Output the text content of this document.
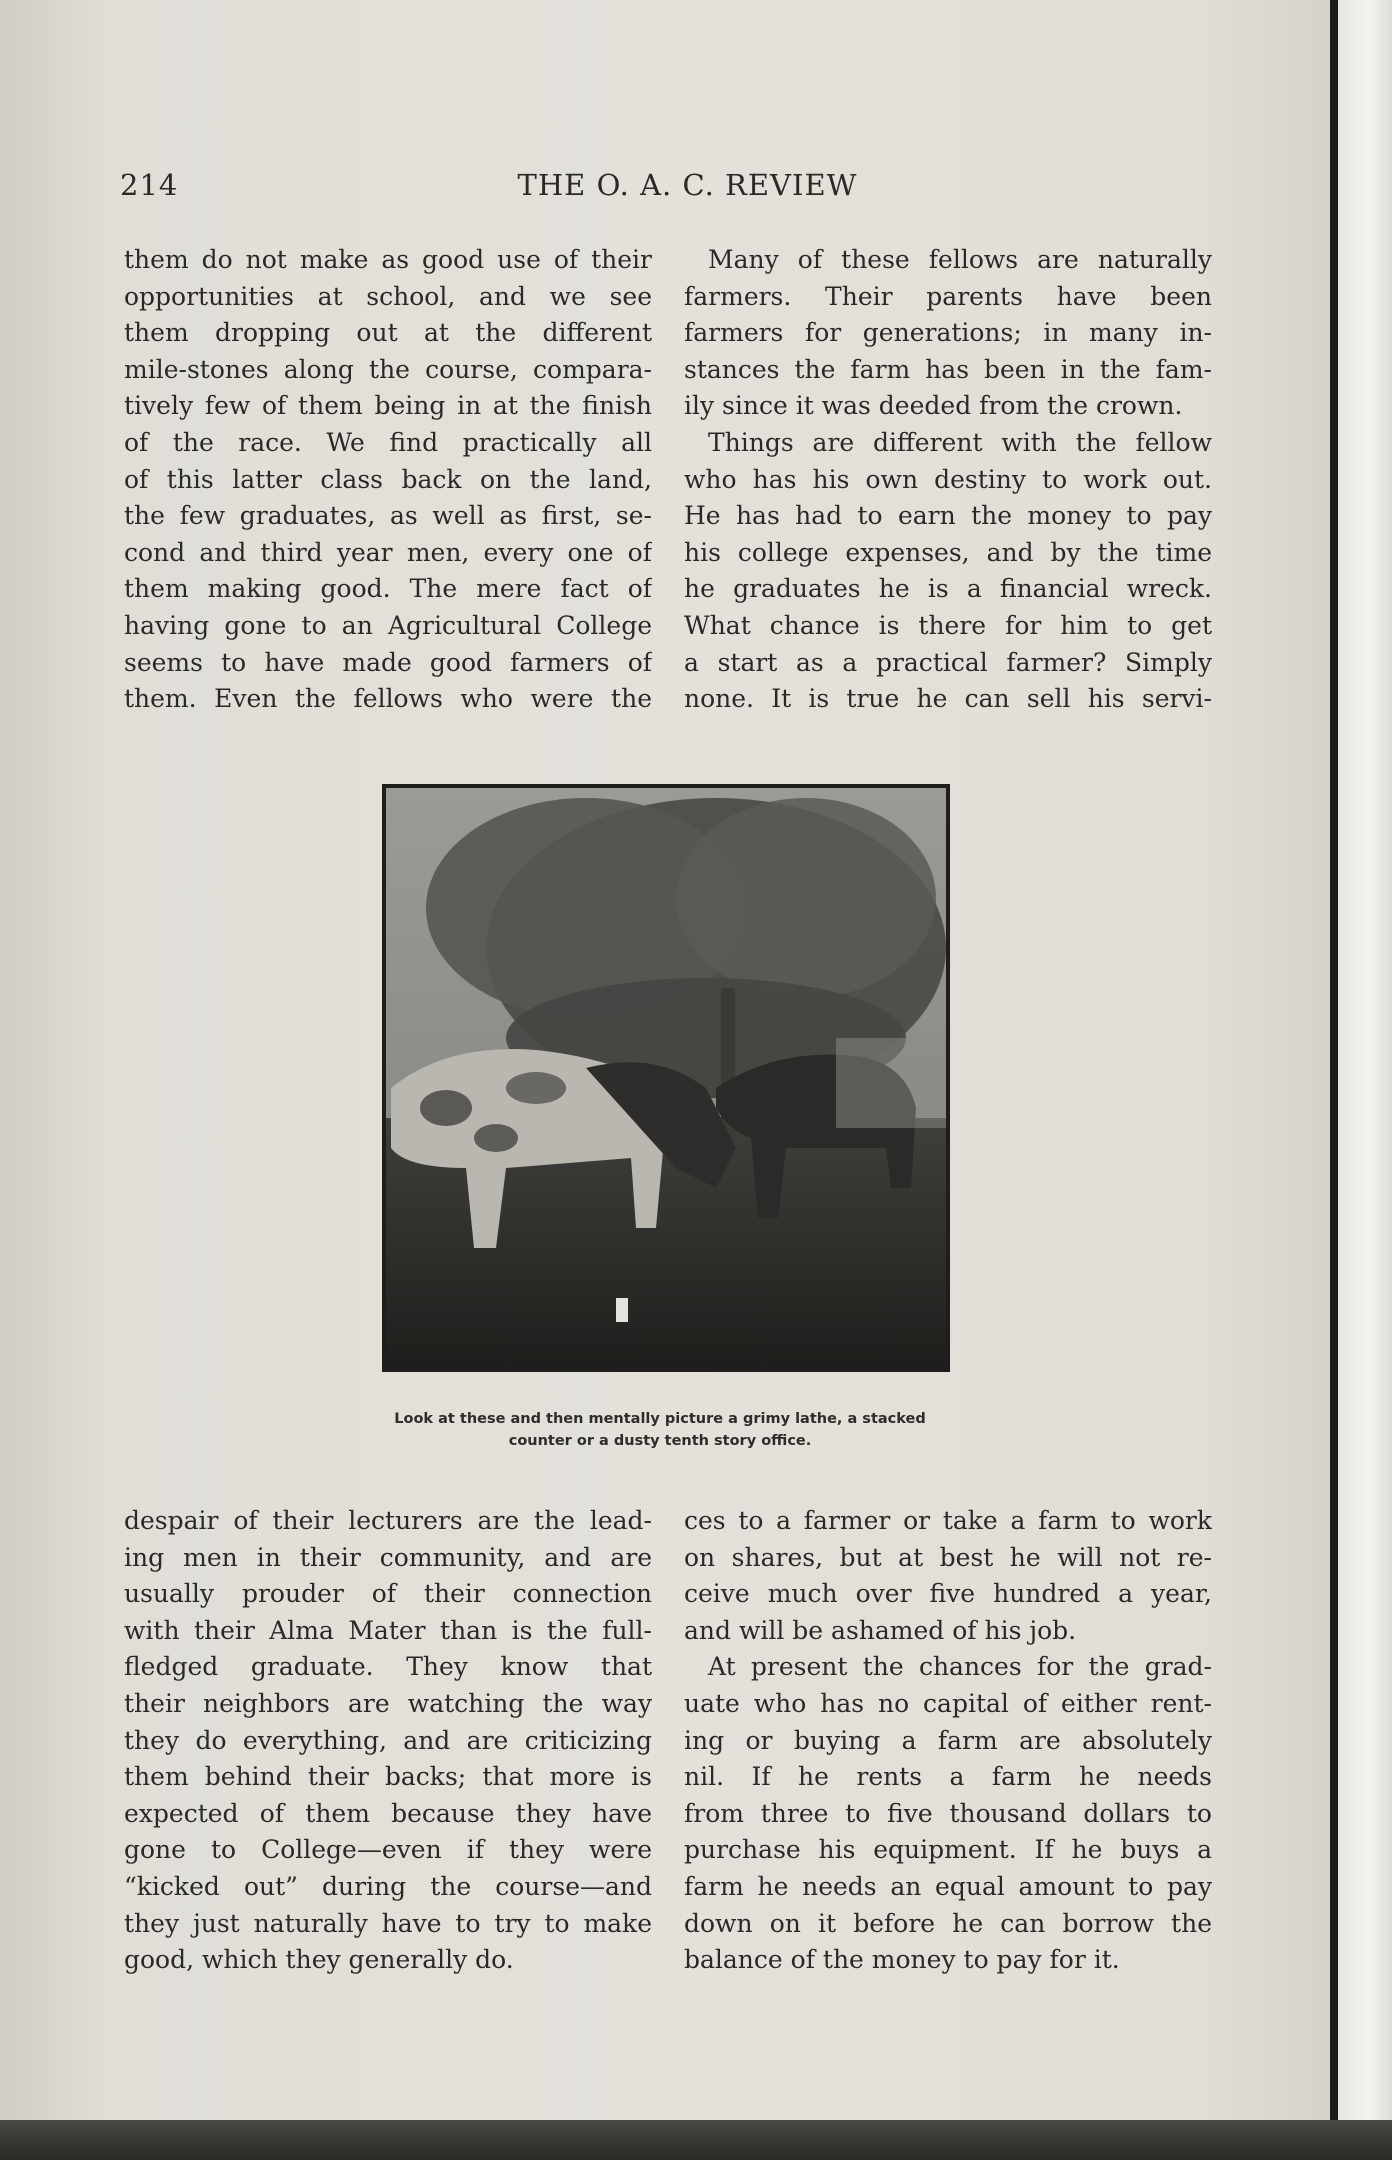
214	THE O. A. C. REVIEW
them do not make as good use of their
opportunities at school, and we see
them dropping out at the different
mile-stones along the course, compara-
tively few of them being in at the finish
of the race. We find practically all
of this latter class back on the land,
the few graduates, as well as first, se-
cond and third year men, every one of
them making good. The mere fact of
having gone to an Agricultural College
seems to have made good farmers of
them. Even the fellows who were the
Many of these fellows are naturally
farmers. Their parents have been
farmers for generations; in many in-
stances the farm has been in the fam-
ily since it was deeded from the crown.
Things are different with the fellow
who has his own destiny to work out.
He has had to earn the money to pay
his college expenses, and by the time
he graduates he is a financial wreck.
What chance is there for him to get
a start as a practical farmer? Simply
none. It is true he can sell his servi-
Look at these and then mentally picture a grimy lathe, a stacked
counter or a dusty tenth story office.
despair of their lecturers are the lead-
ing men in their community, and are
usually prouder of their connection
with their Alma Mater than is the full-
fledged graduate. They know that
their neighbors are watching the way
they do everything, and are criticizing
them behind their backs; that more is
expected of them because they have
gone to College—even if they were
“kicked out” during the course—and
they just naturally have to try to make
good, which they generally do.
ces to a farmer or take a farm to work
on shares, but at best he will not re-
ceive much over five hundred a year,
and will be ashamed of his job.
At present the chances for the grad-
uate who has no capital of either rent-
ing or buying a farm are absolutely
nil. If he rents a farm he needs
from three to five thousand dollars to
purchase his equipment. If he buys a
farm he needs an equal amount to pay
down on it before he can borrow the
balance of the money to pay for it.
